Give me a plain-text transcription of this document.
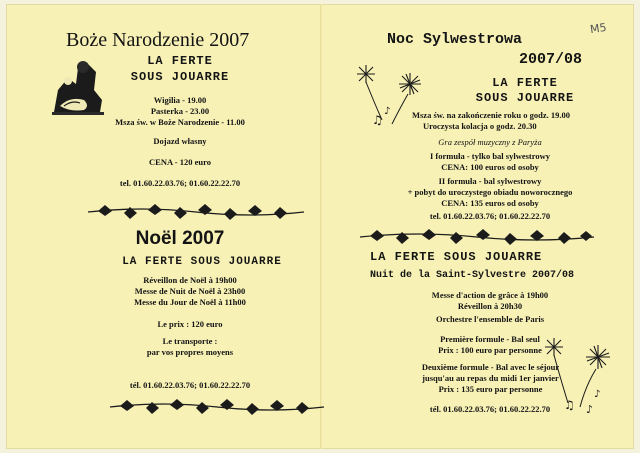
Boże Narodzenie 2007
LA FERTE
SOUS JOUARRE
Wigilia - 19.00
Pasterka - 23.00
Msza św. w Boże Narodzenie - 11.00
Dojazd własny
CENA - 120 euro
tel. 01.60.22.03.76; 01.60.22.22.70
Noël 2007
LA FERTE SOUS JOUARRE
Réveillon de Noël à 19h00
Messe de Nuit de Noël à 23h00
Messe du Jour de Noël à 11h00
Le prix : 120 euro
Le transporte :
par vos propres moyens
tél. 01.60.22.03.76; 01.60.22.22.70
M5
Noc Sylwestrowa
2007/08
♫
♪
LA FERTE
SOUS JOUARRE
Msza św. na zakończenie roku o godz. 19.00
Uroczysta kolacja o godz. 20.30
Gra zespół muzyczny z Paryża
I formuła - tylko bal sylwestrowy
CENA: 100 euros od osoby
II formuła - bal sylwestrowy
+ pobyt do uroczystego obiadu noworocznego
CENA: 135 euros od osoby
tel. 01.60.22.03.76; 01.60.22.22.70
LA FERTE SOUS JOUARRE
Nuit de la Saint-Sylvestre 2007/08
Messe d'action de grâce à 19h00
Réveillon à 20h30
Orchestre l'ensemble de Paris
Première formule - Bal seul
Prix : 100 euro par personne
Deuxième formule - Bal avec le séjour
jusqu'au au repas du midi 1er janvier
Prix : 135 euro par personne
tél. 01.60.22.03.76; 01.60.22.22.70	♫ ♪
♪
